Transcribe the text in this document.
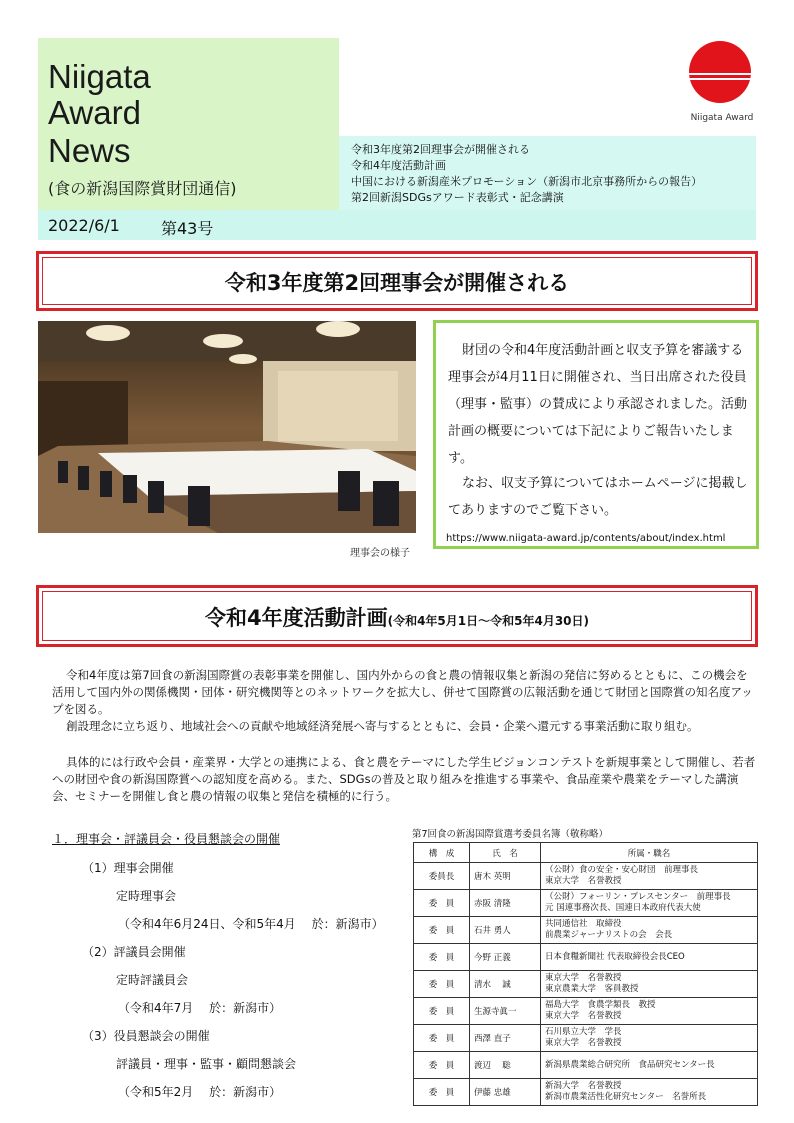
Niigata
Award
News
(食の新潟国際賞財団通信)
令和3年度第2回理事会が開催される
令和4年度活動計画
中国における新潟産米プロモーション（新潟市北京事務所からの報告）
第2回新潟SDGsアワード表彰式・記念講演
2022/6/1	第43号
Niigata Award
令和3年度第2回理事会が開催される
理事会の様子

財団の令和4年度活動計画と収支予算を審議する理事会が4月11日に開催され、当日出席された役員（理事・監事）の賛成により承認されました。活動計画の概要については下記によりご報告いたします。

なお、収支予算についてはホームページに掲載してありますのでご覧下さい。

https://www.niigata-award.jp/contents/about/index.html

令和4年度活動計画(令和4年5月1日～令和5年4月30日)

令和4年度は第7回食の新潟国際賞の表彰事業を開催し、国内外からの食と農の情報収集と新潟の発信に努めるとともに、この機会を活用して国内外の関係機関・団体・研究機関等とのネットワークを拡大し、併せて国際賞の広報活動を通じて財団と国際賞の知名度アップを図る。

創設理念に立ち返り、地域社会への貢献や地域経済発展へ寄与するとともに、会員・企業へ還元する事業活動に取り組む。

具体的には行政や会員・産業界・大学との連携による、食と農をテーマにした学生ビジョンコンテストを新規事業として開催し、若者への財団や食の新潟国際賞への認知度を高める。また、SDGsの普及と取り組みを推進する事業や、食品産業や農業をテーマした講演会、セミナーを開催し食と農の情報の収集と発信を積極的に行う。

１．理事会・評議員会・役員懇談会の開催
（1）理事会開催
定時理事会
（令和4年6月24日、令和5年4月　 於：新潟市）
（2）評議員会開催
定時評議員会
（令和4年7月　 於：新潟市）
（3）役員懇談会の開催
評議員・理事・監事・顧問懇談会
（令和5年2月　 於：新潟市）
第7回食の新潟国際賞選考委員名簿（敬称略）
構　成	氏　名	所属・職名
委員長	唐木 英明	（公財）食の安全・安心財団　前理事長
東京大学　名誉教授

委　員	赤阪 清隆	（公財）フォーリン・プレスセンター　前理事長
元 国連事務次長、国連日本政府代表大使

委　員	石井 勇人	共同通信社　取締役
前農業ジャーナリストの会　会長

委　員	今野 正義	日本食糧新聞社 代表取締役会長CEO

委　員	清水　 誠	東京大学　名誉教授
東京農業大学　客員教授

委　員	生源寺眞一	福島大学　食農学類長　教授
東京大学　名誉教授

委　員	西澤 直子	石川県立大学　学長
東京大学　名誉教授

委　員	渡辺　 聡	新潟県農業総合研究所　食品研究センター長

委　員	伊藤 忠雄	新潟大学　名誉教授
新潟市農業活性化研究センター　名誉所長
